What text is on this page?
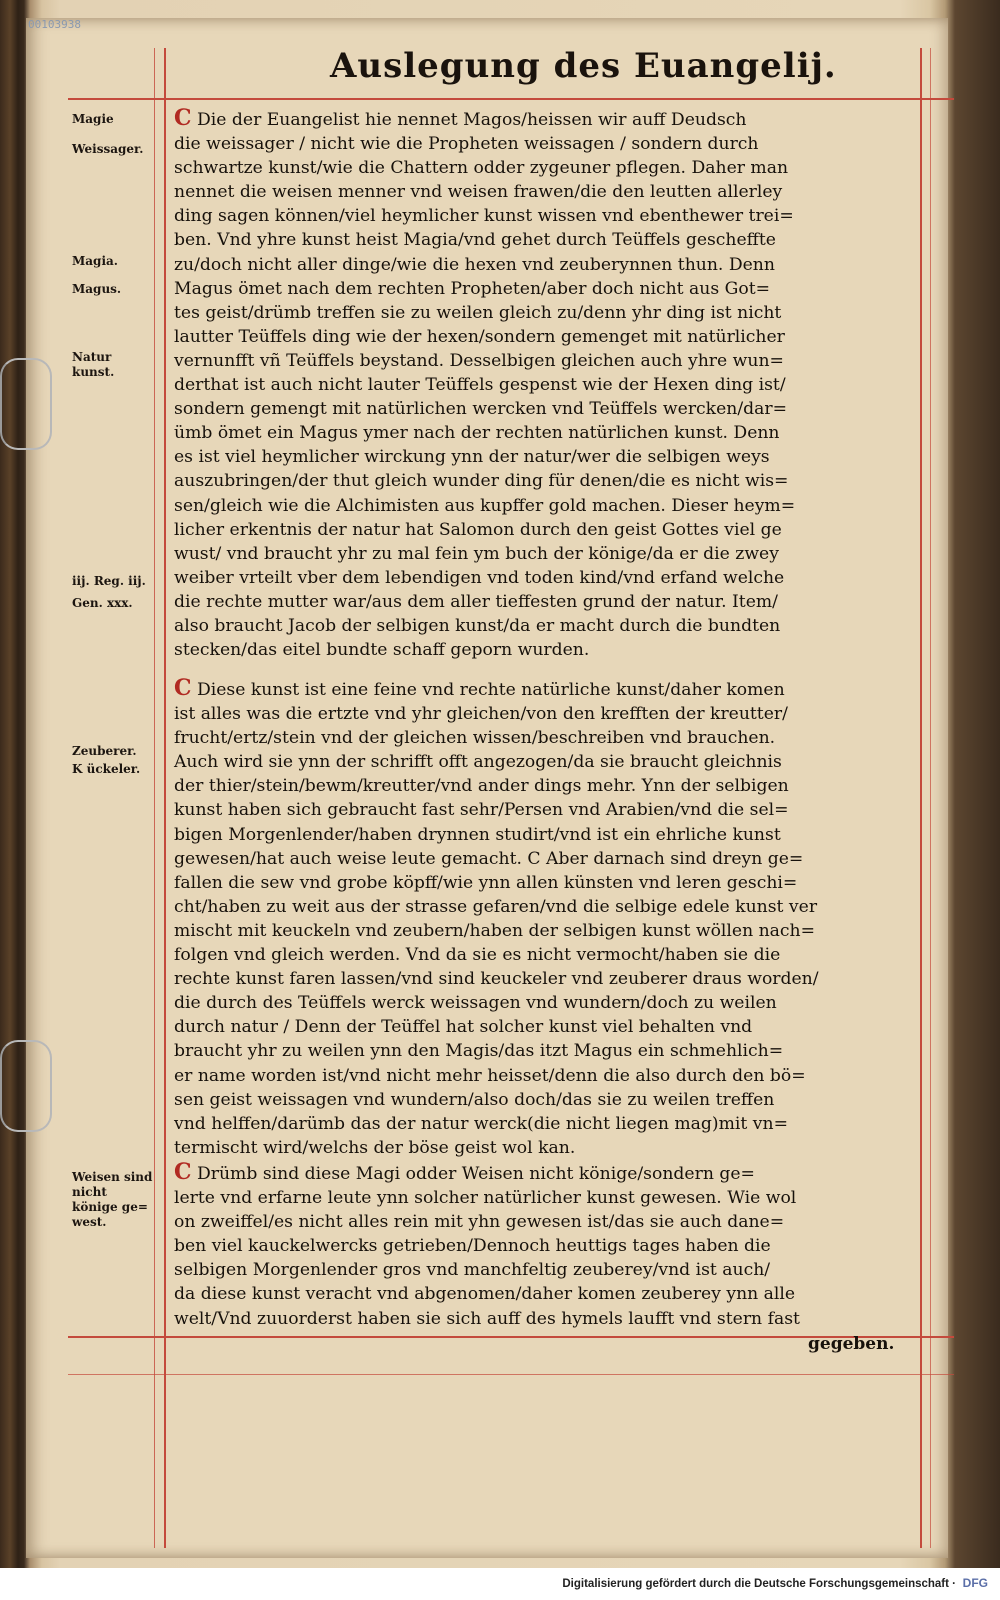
00103938
Auslegung des Euangelij.
Magie
Weissager.
Magia.
Magus.
Natur kunst.
iij. Reg. iij.
Gen. xxx.
Zeuberer.
K ückeler.
Weisen sind nicht könige ge= west.
C Die der Euangelist hie nennet Magos/heissen wir auff Deudsch
die weissager / nicht wie die Propheten weissagen / sondern durch
schwartze kunst/wie die Chattern odder zygeuner pflegen. Daher man
nennet die weisen menner vnd weisen frawen/die den leutten allerley
ding sagen können/viel heymlicher kunst wissen vnd ebenthewer trei=
ben. Vnd yhre kunst heist Magia/vnd gehet durch Teüffels gescheffte
zu/doch nicht aller dinge/wie die hexen vnd zeuberynnen thun. Denn
Magus ömet nach dem rechten Propheten/aber doch nicht aus Got=
tes geist/drümb treffen sie zu weilen gleich zu/denn yhr ding ist nicht
lautter Teüffels ding wie der hexen/sondern gemenget mit natürlicher
vernunfft vñ Teüffels beystand. Desselbigen gleichen auch yhre wun=
derthat ist auch nicht lauter Teüffels gespenst wie der Hexen ding ist/
sondern gemengt mit natürlichen wercken vnd Teüffels wercken/dar=
ümb ömet ein Magus ymer nach der rechten natürlichen kunst. Denn
es ist viel heymlicher wirckung ynn der natur/wer die selbigen weys
auszubringen/der thut gleich wunder ding für denen/die es nicht wis=
sen/gleich wie die Alchimisten aus kupffer gold machen. Dieser heym=
licher erkentnis der natur hat Salomon durch den geist Gottes viel ge
wust/ vnd braucht yhr zu mal fein ym buch der könige/da er die zwey
weiber vrteilt vber dem lebendigen vnd toden kind/vnd erfand welche
die rechte mutter war/aus dem aller tieffesten grund der natur. Item/
also braucht Jacob der selbigen kunst/da er macht durch die bundten
stecken/das eitel bundte schaff geporn wurden.
C Diese kunst ist eine feine vnd rechte natürliche kunst/daher komen
ist alles was die ertzte vnd yhr gleichen/von den krefften der kreutter/
frucht/ertz/stein vnd der gleichen wissen/beschreiben vnd brauchen.
Auch wird sie ynn der schrifft offt angezogen/da sie braucht gleichnis
der thier/stein/bewm/kreutter/vnd ander dings mehr. Ynn der selbigen
kunst haben sich gebraucht fast sehr/Persen vnd Arabien/vnd die sel=
bigen Morgenlender/haben drynnen studirt/vnd ist ein ehrliche kunst
gewesen/hat auch weise leute gemacht. C Aber darnach sind dreyn ge=
fallen die sew vnd grobe köpff/wie ynn allen künsten vnd leren geschi=
cht/haben zu weit aus der strasse gefaren/vnd die selbige edele kunst ver
mischt mit keuckeln vnd zeubern/haben der selbigen kunst wöllen nach=
folgen vnd gleich werden. Vnd da sie es nicht vermocht/haben sie die
rechte kunst faren lassen/vnd sind keuckeler vnd zeuberer draus worden/
die durch des Teüffels werck weissagen vnd wundern/doch zu weilen
durch natur / Denn der Teüffel hat solcher kunst viel behalten vnd
braucht yhr zu weilen ynn den Magis/das itzt Magus ein schmehlich=
er name worden ist/vnd nicht mehr heisset/denn die also durch den bö=
sen geist weissagen vnd wundern/also doch/das sie zu weilen treffen
vnd helffen/darümb das der natur werck(die nicht liegen mag)mit vn=
termischt wird/welchs der böse geist wol kan.
C Drümb sind diese Magi odder Weisen nicht könige/sondern ge=
lerte vnd erfarne leute ynn solcher natürlicher kunst gewesen. Wie wol
on zweiffel/es nicht alles rein mit yhn gewesen ist/das sie auch dane=
ben viel kauckelwercks getrieben/Dennoch heuttigs tages haben die
selbigen Morgenlender gros vnd manchfeltig zeuberey/vnd ist auch/
da diese kunst veracht vnd abgenomen/daher komen zeuberey ynn alle
welt/Vnd zuuorderst haben sie sich auff des hymels laufft vnd stern fast
gegeben.
Digitalisierung gefördert durch die Deutsche Forschungsgemeinschaft · DFG
